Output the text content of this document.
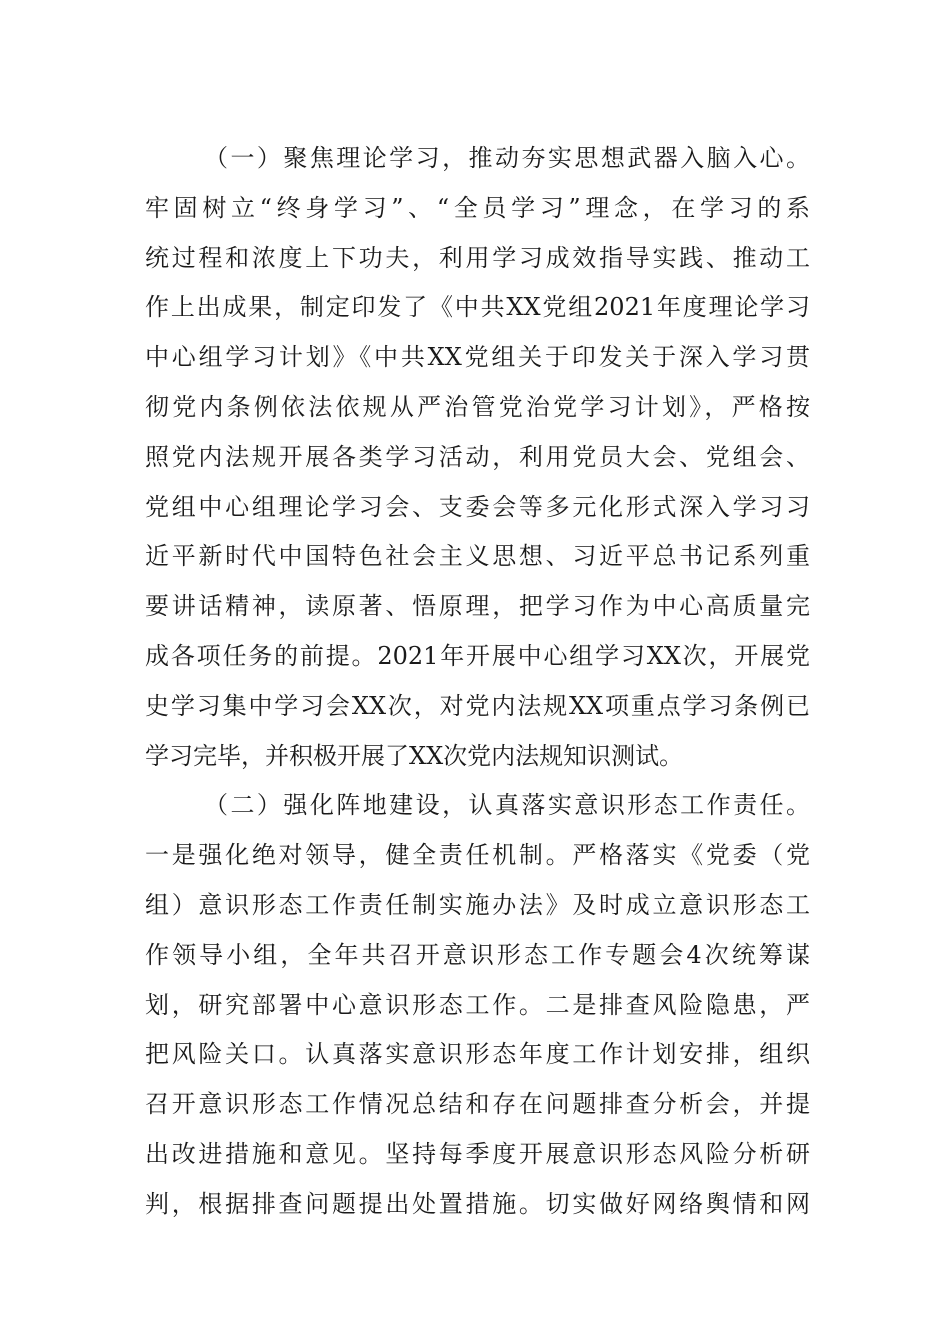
（一）聚焦理论学习，推动夯实思想武器入脑入心。
牢固树立“终身学习”、“全员学习”理念，在学习的系
统过程和浓度上下功夫，利用学习成效指导实践、推动工
作上出成果，制定印发了《中共XX党组2021年度理论学习
中心组学习计划》《中共XX党组关于印发关于深入学习贯
彻党内条例依法依规从严治管党治党学习计划》，严格按
照党内法规开展各类学习活动，利用党员大会、党组会、
党组中心组理论学习会、支委会等多元化形式深入学习习
近平新时代中国特色社会主义思想、习近平总书记系列重
要讲话精神，读原著、悟原理，把学习作为中心高质量完
成各项任务的前提。2021年开展中心组学习XX次，开展党
史学习集中学习会XX次，对党内法规XX项重点学习条例已
学习完毕，并积极开展了XX次党内法规知识测试。
（二）强化阵地建设，认真落实意识形态工作责任。
一是强化绝对领导，健全责任机制。严格落实《党委（党
组）意识形态工作责任制实施办法》及时成立意识形态工
作领导小组，全年共召开意识形态工作专题会4次统筹谋
划，研究部署中心意识形态工作。二是排查风险隐患，严
把风险关口。认真落实意识形态年度工作计划安排，组织
召开意识形态工作情况总结和存在问题排查分析会，并提
出改进措施和意见。坚持每季度开展意识形态风险分析研
判，根据排查问题提出处置措施。切实做好网络舆情和网
